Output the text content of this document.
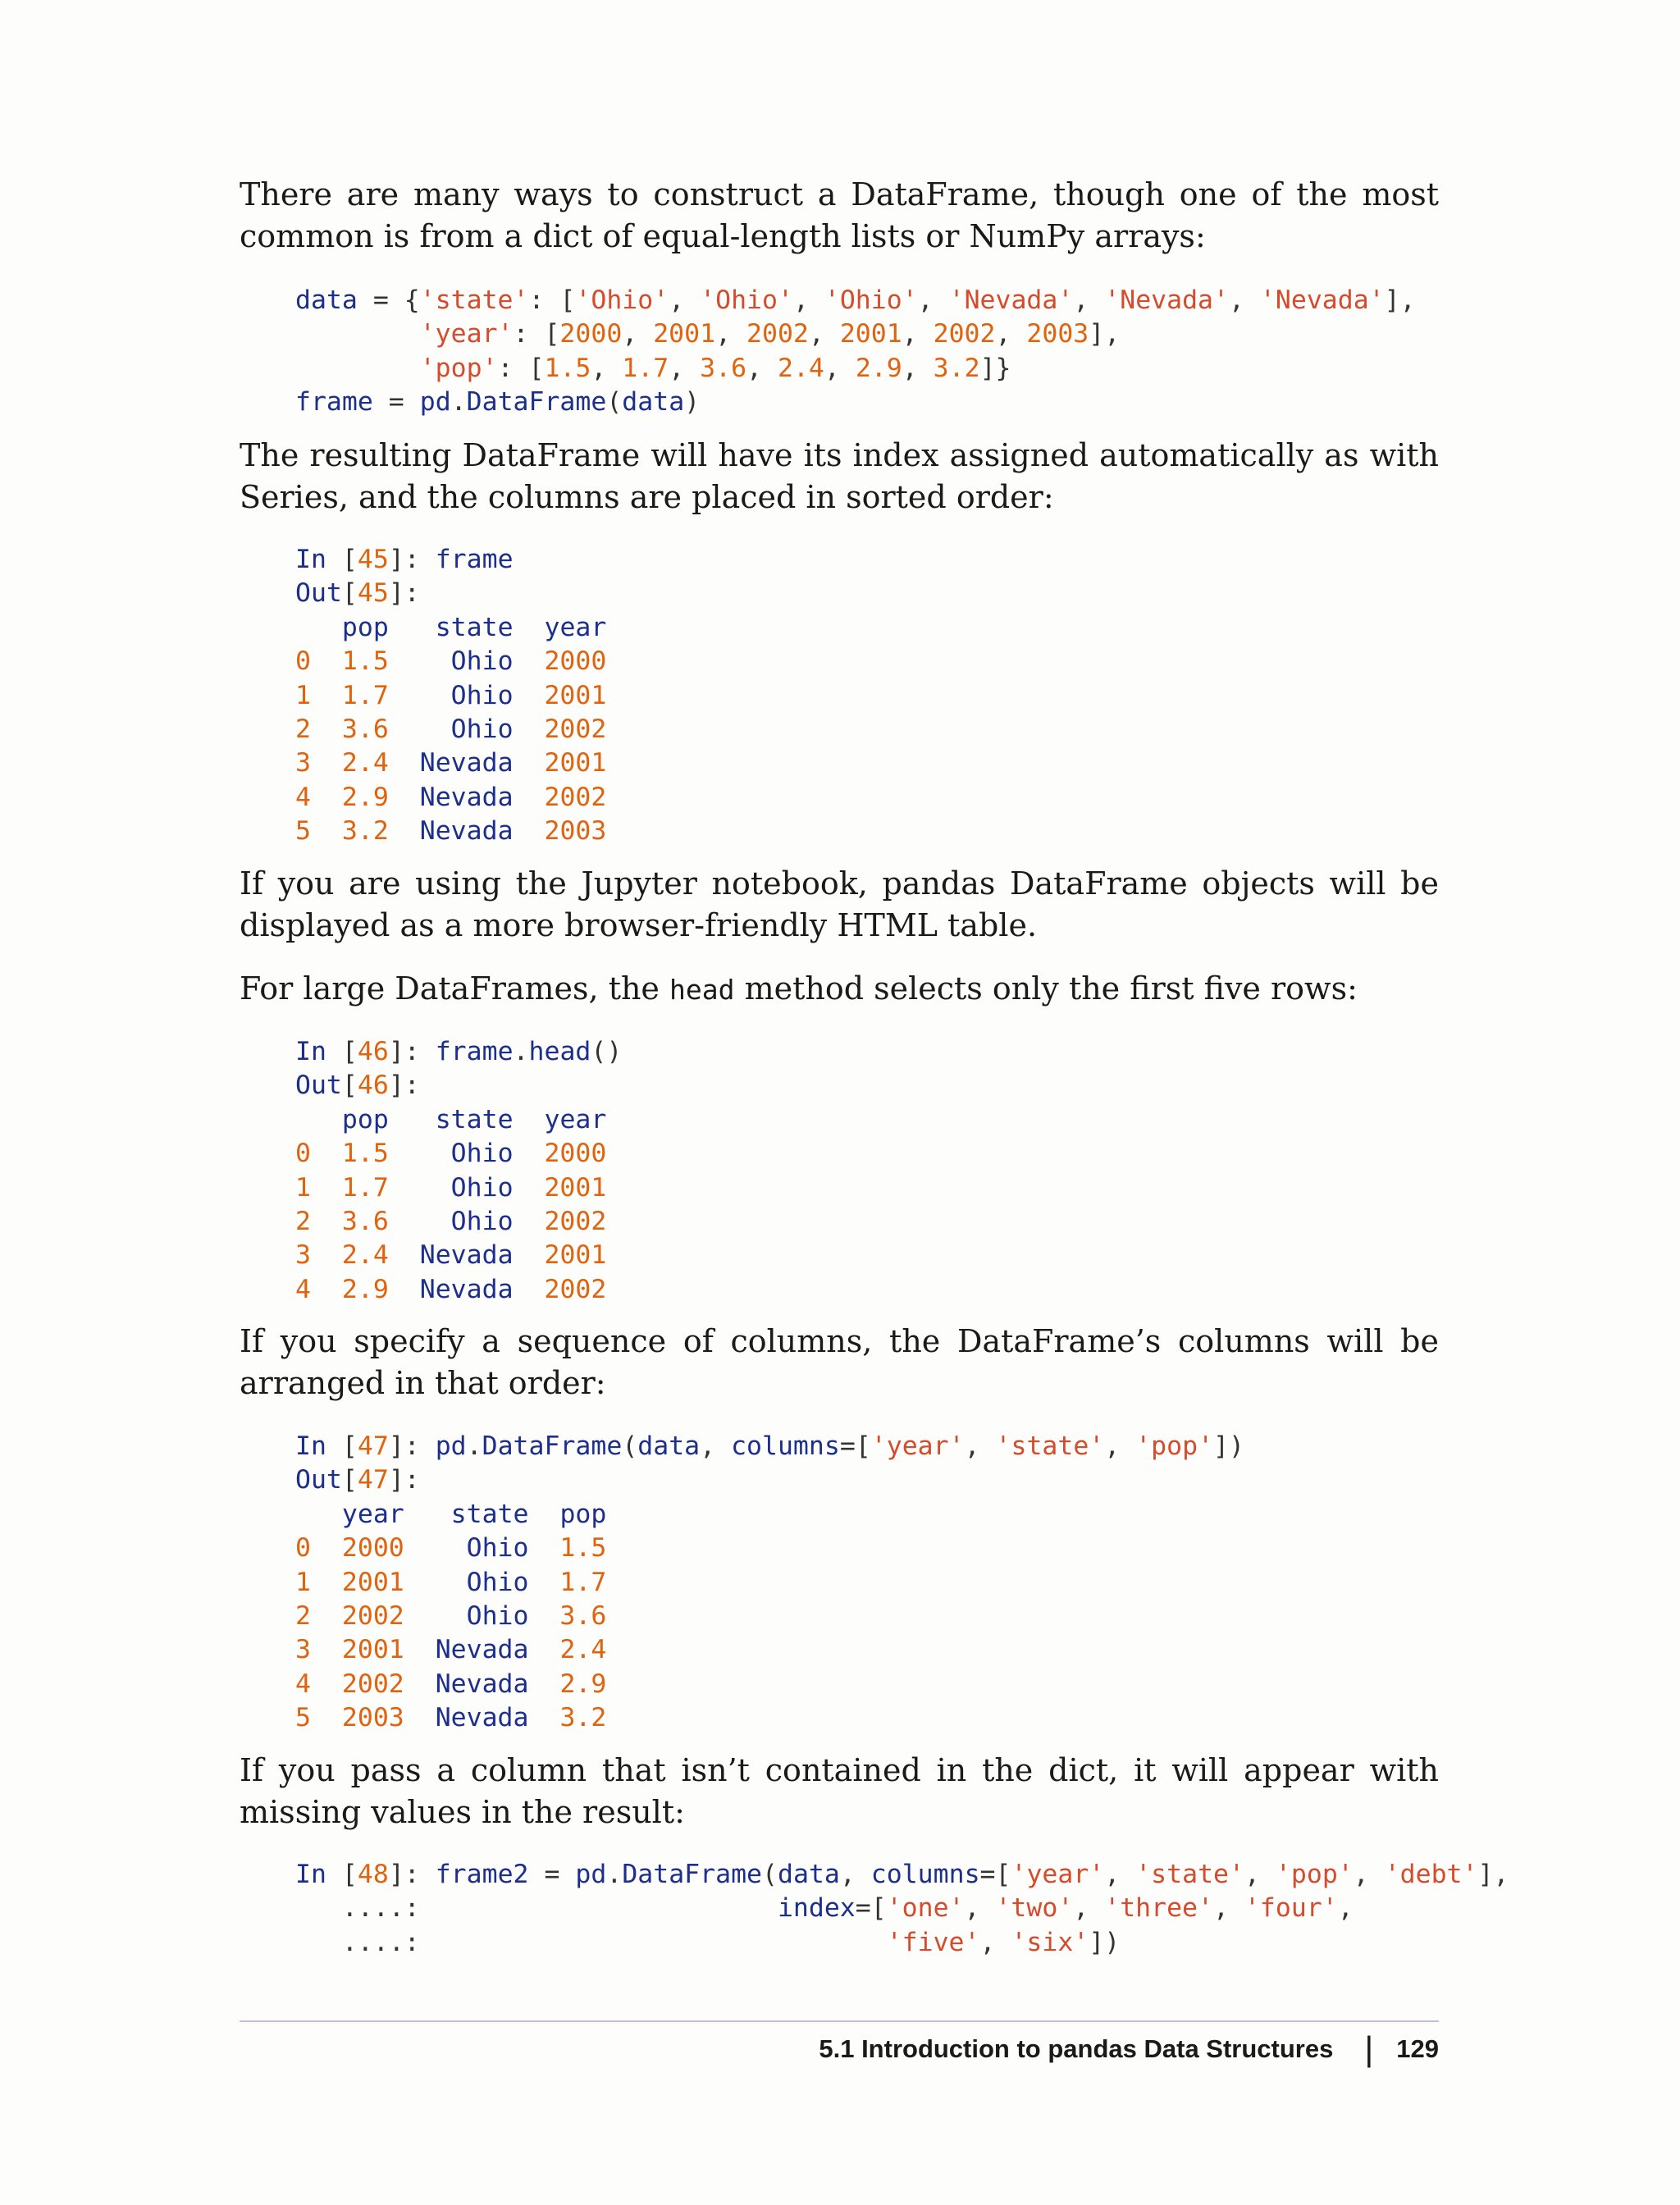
There are many ways to construct a DataFrame, though one of the most common is from a dict of equal-length lists or NumPy arrays:

data = {'state': ['Ohio', 'Ohio', 'Ohio', 'Nevada', 'Nevada', 'Nevada'],
'year': [2000, 2001, 2002, 2001, 2002, 2003],
'pop': [1.5, 1.7, 3.6, 2.4, 2.9, 3.2]}
frame = pd.DataFrame(data)

The resulting DataFrame will have its index assigned automatically as with Series, and the columns are placed in sorted order:

In [45]: frame
Out[45]:
pop state year
0 1.5 Ohio 2000
1 1.7 Ohio 2001
2 3.6 Ohio 2002
3 2.4 Nevada 2001
4 2.9 Nevada 2002
5 3.2 Nevada 2003

If you are using the Jupyter notebook, pandas DataFrame objects will be displayed as a more browser-friendly HTML table.

For large DataFrames, the head method selects only the first five rows:

In [46]: frame.head()
Out[46]:
pop state year
0 1.5 Ohio 2000
1 1.7 Ohio 2001
2 3.6 Ohio 2002
3 2.4 Nevada 2001
4 2.9 Nevada 2002

If you specify a sequence of columns, the DataFrame’s columns will be arranged in that order:

In [47]: pd.DataFrame(data, columns=['year', 'state', 'pop'])
Out[47]:
year state pop
0 2000 Ohio 1.5
1 2001 Ohio 1.7
2 2002 Ohio 3.6
3 2001 Nevada 2.4
4 2002 Nevada 2.9
5 2003 Nevada 3.2

If you pass a column that isn’t contained in the dict, it will appear with missing values in the result:

In [48]: frame2 = pd.DataFrame(data, columns=['year', 'state', 'pop', 'debt'],
....:	index=['one', 'two', 'three', 'four',
....:	'five', 'six'])
5.1 Introduction to pandas Data Structures | 129
